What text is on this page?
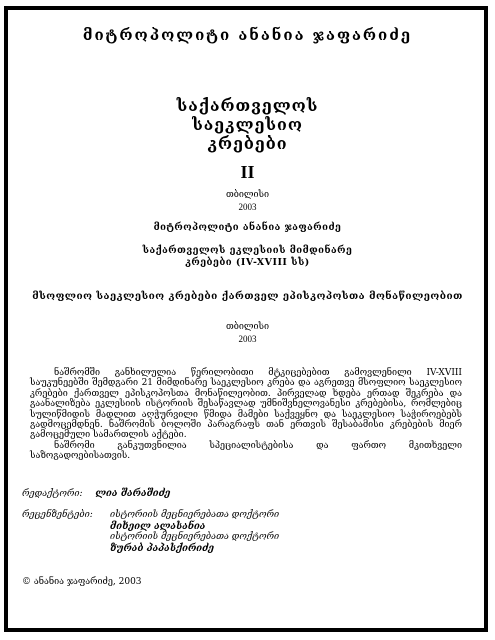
მიტროპოლიტი ანანია ჯაფარიძე
საქართველოს
საეკლესიო
კრებები
II
თბილისი
2003
მიტროპოლიტი ანანია ჯაფარიძე
საქართველოს ეკლესიის მიმდინარე
კრებები (IV-XVIII სს)
მსოფლიო საეკლესიო კრებები ქართველ ეპისკოპოსთა მონაწილეობით
თბილისი
2003

ნაშრომში განხილულია წერილობითი მტკიცებებით გამოვლენილი IV-XVIII საუკუნეებში შემდგარი 21 მიმდინარე საეკლესიო კრება და აგრეთვე მსოფლიო საეკლესიო კრებები ქართველ ეპისკოპოსთა მონაწილეობით. პირველად ხდება ერთად შეკრება და გაანალიზება ეკლესიის ისტორიის შესაწავლად უმნიშვნელოვანესი კრებებისა, რომლებიც სულიწმიდის მადლით აღჭურვილი წმიდა მამები საქვეყნო და საეკლესიო საჭიროებებს გადმოცემდნენ. ნაშრომის ბოლოში პარაგრაფს თან ერთვის შესაბამისი კრებების მიერ გამოცემული სამართლის აქტები.

ნაშრომი განკუთვნილია სპეციალისტებისა და ფართო მკითხველი საზოგადოებისათვის.

რედაქტორი: ლია შარაშიძე
რეცენზენტები: ისტორიის მეცნიერებათა დოქტორი
მიხეილ ალასანია
ისტორიის მეცნიერებათა დოქტორი
ზურაბ პაპასქირიძე
© ანანია ჯაფარიძე, 2003
